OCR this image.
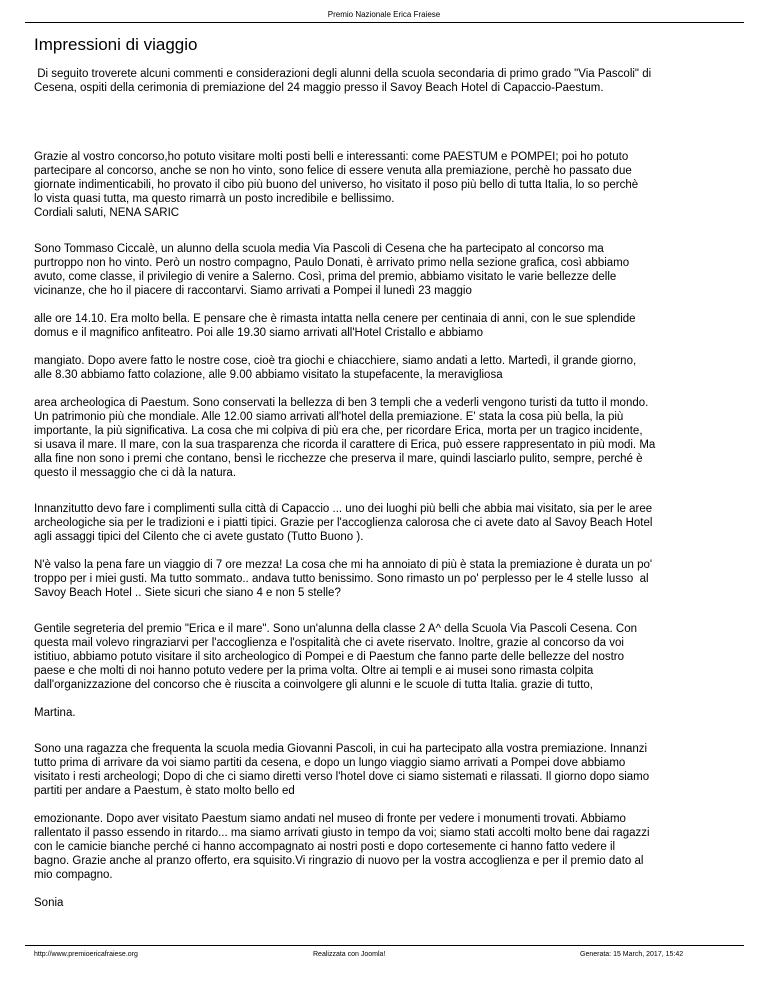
Premio Nazionale Erica Fraiese
Impressioni di viaggio

Di seguito troverete alcuni commenti e considerazioni degli alunni della scuola secondaria di primo grado "Via Pascoli" di
Cesena, ospiti della cerimonia di premiazione del 24 maggio presso il Savoy Beach Hotel di Capaccio-Paestum.

Grazie al vostro concorso,ho potuto visitare molti posti belli e interessanti: come PAESTUM e POMPEI; poi ho potuto
partecipare al concorso, anche se non ho vinto, sono felice di essere venuta alla premiazione, perchè ho passato due
giornate indimenticabili, ho provato il cibo più buono del universo, ho visitato il poso più bello di tutta Italia, lo so perchè
lo vista quasi tutta, ma questo rimarrà un posto incredibile e bellissimo.
Cordiali saluti, NENA SARIC

Sono Tommaso Ciccalè, un alunno della scuola media Via Pascoli di Cesena che ha partecipato al concorso ma
purtroppo non ho vinto. Però un nostro compagno, Paulo Donati, è arrivato primo nella sezione grafica, così abbiamo
avuto, come classe, il privilegio di venire a Salerno. Così, prima del premio, abbiamo visitato le varie bellezze delle
vicinanze, che ho il piacere di raccontarvi. Siamo arrivati a Pompei il lunedì 23 maggio

alle ore 14.10. Era molto bella. E pensare che è rimasta intatta nella cenere per centinaia di anni, con le sue splendide
domus e il magnifico anfiteatro. Poi alle 19.30 siamo arrivati all'Hotel Cristallo e abbiamo

mangiato. Dopo avere fatto le nostre cose, cioè tra giochi e chiacchiere, siamo andati a letto. Martedì, il grande giorno,
alle 8.30 abbiamo fatto colazione, alle 9.00 abbiamo visitato la stupefacente, la meravigliosa

area archeologica di Paestum. Sono conservati la bellezza di ben 3 templi che a vederli vengono turisti da tutto il mondo.
Un patrimonio più che mondiale. Alle 12.00 siamo arrivati all'hotel della premiazione. E' stata la cosa più bella, la più
importante, la più significativa. La cosa che mi colpiva di più era che, per ricordare Erica, morta per un tragico incidente,
si usava il mare. Il mare, con la sua trasparenza che ricorda il carattere di Erica, può essere rappresentato in più modi. Ma
alla fine non sono i premi che contano, bensì le ricchezze che preserva il mare, quindi lasciarlo pulito, sempre, perché è
questo il messaggio che ci dà la natura.

Innanzitutto devo fare i complimenti sulla città di Capaccio ... uno dei luoghi più belli che abbia mai visitato, sia per le aree
archeologiche sia per le tradizioni e i piatti tipici. Grazie per l'accoglienza calorosa che ci avete dato al Savoy Beach Hotel
agli assaggi tipici del Cilento che ci avete gustato (Tutto Buono ).

N'è valso la pena fare un viaggio di 7 ore mezza! La cosa che mi ha annoiato di più è stata la premiazione è durata un po'
troppo per i miei gusti. Ma tutto sommato.. andava tutto benissimo. Sono rimasto un po' perplesso per le 4 stelle lusso  al
Savoy Beach Hotel .. Siete sicuri che siano 4 e non 5 stelle?

Gentile segreteria del premio "Erica e il mare". Sono un'alunna della classe 2 A^ della Scuola Via Pascoli Cesena. Con
questa mail volevo ringraziarvi per l'accoglienza e l'ospitalità che ci avete riservato. Inoltre, grazie al concorso da voi
istitiuo, abbiamo potuto visitare il sito archeologico di Pompei e di Paestum che fanno parte delle bellezze del nostro
paese e che molti di noi hanno potuto vedere per la prima volta. Oltre ai templi e ai musei sono rimasta colpita
dall'organizzazione del concorso che è riuscita a coinvolgere gli alunni e le scuole di tutta Italia. grazie di tutto,

Martina.

Sono una ragazza che frequenta la scuola media Giovanni Pascoli, in cui ha partecipato alla vostra premiazione. Innanzi
tutto prima di arrivare da voi siamo partiti da cesena, e dopo un lungo viaggio siamo arrivati a Pompei dove abbiamo
visitato i resti archeologi; Dopo di che ci siamo diretti verso l'hotel dove ci siamo sistemati e rilassati. Il giorno dopo siamo
partiti per andare a Paestum, è stato molto bello ed

emozionante. Dopo aver visitato Paestum siamo andati nel museo di fronte per vedere i monumenti trovati. Abbiamo
rallentato il passo essendo in ritardo... ma siamo arrivati giusto in tempo da voi; siamo stati accolti molto bene dai ragazzi
con le camicie bianche perché ci hanno accompagnato ai nostri posti e dopo cortesemente ci hanno fatto vedere il
bagno. Grazie anche al pranzo offerto, era squisito.Vi ringrazio di nuovo per la vostra accoglienza e per il premio dato al
mio compagno.

Sonia

http://www.premioericafraiese.org	Realizzata con Joomla!	Generata: 15 March, 2017, 15:42
